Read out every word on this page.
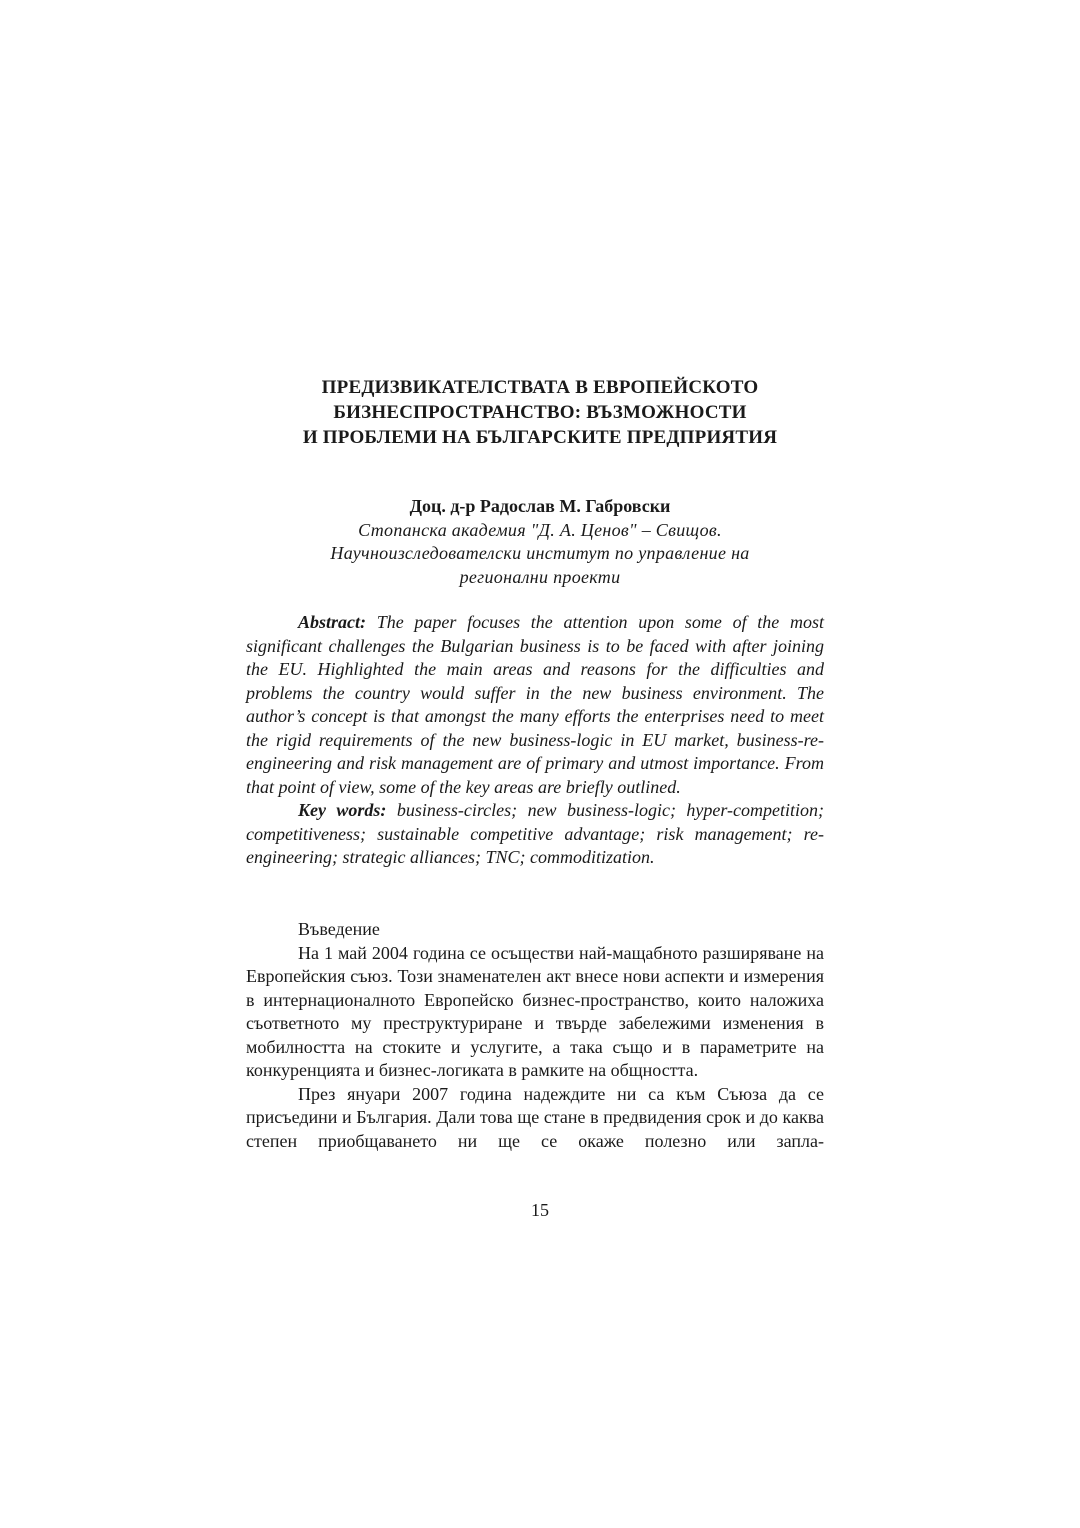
ПРЕДИЗВИКАТЕЛСТВАТА В ЕВРОПЕЙСКОТО
БИЗНЕСПРОСТРАНСТВО: ВЪЗМОЖНОСТИ
И ПРОБЛЕМИ НА БЪЛГАРСКИТЕ ПРЕДПРИЯТИЯ
Доц. д-р Радослав М. Габровски
Стопанска академия "Д. А. Ценов" – Свищов.
Научноизследователски институт по управление на
регионални проекти

Abstract: The paper focuses the attention upon some of the most significant challenges the Bulgarian business is to be faced with after joining the EU. Highlighted the main areas and reasons for the difficulties and problems the country would suffer in the new business environment. The author’s concept is that amongst the many efforts the enterprises need to meet the rigid requirements of the new business-logic in EU market, business-re-engineering and risk management are of primary and utmost importance. From that point of view, some of the key areas are briefly outlined.

Key words: business-circles; new business-logic; hyper-competition; competitiveness; sustainable competitive advantage; risk management; re-engineering; strategic alliances; TNC; commoditization.

Въведение

На 1 май 2004 година се осъществи най-мащабното разширяване на Европейския съюз. Този знаменателен акт внесе нови аспекти и измерения в интернационалното Европейско бизнес-пространство, които наложиха съответното му преструктуриране и твърде забележими изменения в мобилността на стоките и услугите, а така също и в параметрите на конкуренцията и бизнес-логиката в рамките на общността.

През януари 2007 година надеждите ни са към Съюза да се присъедини и България. Дали това ще стане в предвидения срок и до каква степен приобщаването ни ще се окаже полезно или запла-

15
